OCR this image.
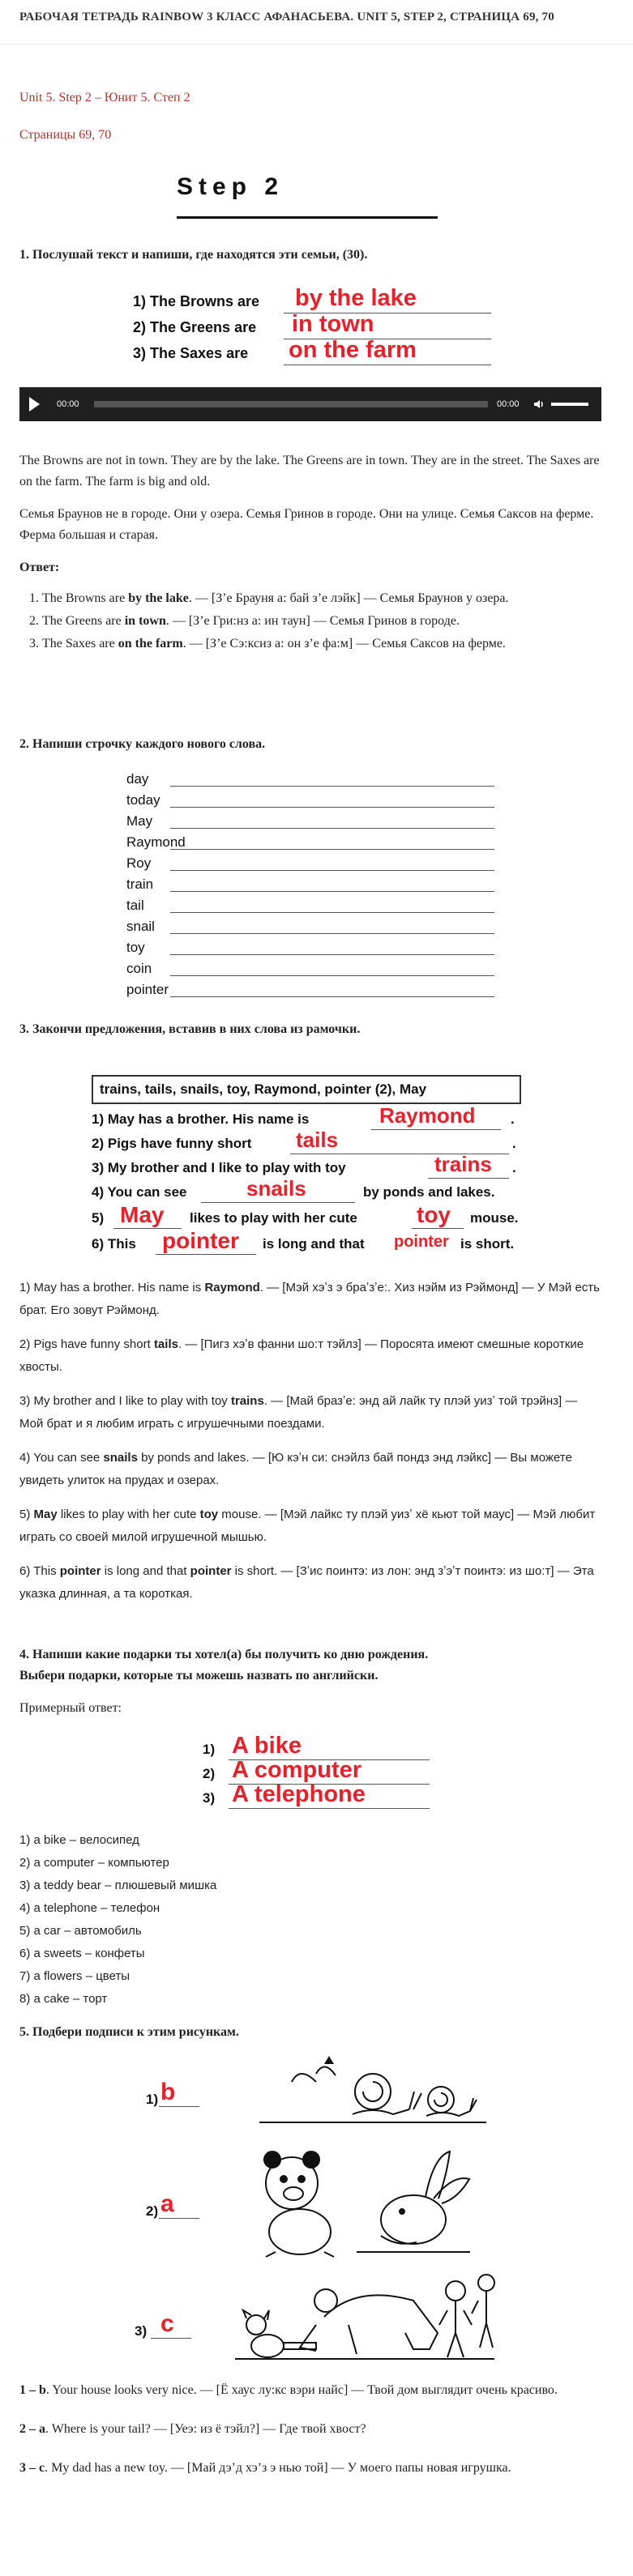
РАБОЧАЯ ТЕТРАДЬ RAINBOW 3 КЛАСС АФАНАСЬЕВА. UNIT 5, STEP 2, СТРАНИЦА 69, 70
Unit 5. Step 2 – Юнит 5. Степ 2
Страницы 69, 70
Step 2
1. Послушай текст и напиши, где находятся эти семьи, (30).
1) The Browns are by the lake
2) The Greens are in town
3) The Saxes are on the farm
00:00	00:00

The Browns are not in town. They are by the lake. The Greens are in town. They are in the street. The Saxes are on the farm. The farm is big and old.

Семья Браунов не в городе. Они у озера. Семья Гринов в городе. Они на улице. Семья Саксов на ферме. Ферма большая и старая.

Ответ:

1. The Browns are by the lake. — [Зʼе Брауня а: бай зʼе лэйк] — Семья Браунов у озера.
2. The Greens are in town. — [Зʼе Гри:нз а: ин таун] — Семья Гринов в городе.
3. The Saxes are on the farm. — [Зʼе Сэ:ксиз а: он зʼе фа:м] — Семья Саксов на ферме.
2. Напиши строчку каждого нового слова.
day
today
May
Raymond
Roy
train
tail
snail
toy
coin
pointer
3. Закончи предложения, вставив в них слова из рамочки.
trains, tails, snails, toy, Raymond, pointer (2), May
1) May has a brother. His name is	Raymond	.
2) Pigs have funny short tails	.
3) My brother and I like to play with toy	trains .
4) You can see	snails	by ponds and lakes.
5) May likes to play with her cute	toy mouse.
6) This pointer is long and that pointer is short.

1) May has a brother. His name is Raymond. — [Мэй хэʼз э браʼзʼе:. Хиз нэйм из Рэймонд] — У Мэй есть брат. Его зовут Рэймонд.

2) Pigs have funny short tails. — [Пигз хэʼв фанни шо:т тэйлз] — Поросята имеют смешные короткие хвосты.

3) My brother and I like to play with toy trains. — [Май бразʼе: энд ай лайк ту плэй уизʼ той трэйнз] — Мой брат и я любим играть с игрушечными поездами.

4) You can see snails by ponds and lakes. — [Ю кэʼн си: снэйлз бай пондз энд лэйкс] — Вы можете увидеть улиток на прудах и озерах.

5) May likes to play with her cute toy mouse. — [Мэй лайкс ту плэй уизʼ хё кьют той маус] — Мэй любит играть со своей милой игрушечной мышью.

6) This pointer is long and that pointer is short. — [Зʼис поинтэ: из лон: энд зʼэʼт поинтэ: из шо:т] — Эта указка длинная, а та короткая.

4. Напиши какие подарки ты хотел(а) бы получить ко дню рождения.
Выбери подарки, которые ты можешь назвать по английски.
Примерный ответ:
1) A bike
2) A computer
3) A telephone
1) a bike – велосипед
2) a computer – компьютер
3) a teddy bear – плюшевый мишка
4) a telephone – телефон
5) a car – автомобиль
6) a sweets – конфеты
7) a flowers – цветы
8) a cake – торт
5. Подбери подписи к этим рисункам.
1) b
2) a
3) c

1 – b. Your house looks very nice. — [Ё хаус лу:кс вэри найс] — Твой дом выглядит очень красиво.

2 – a. Where is your tail? — [Уеэ: из ё тэйл?] — Где твой хвост?

3 – c. My dad has a new toy. — [Май дэʼд хэʼз э нью той] — У моего папы новая игрушка.
